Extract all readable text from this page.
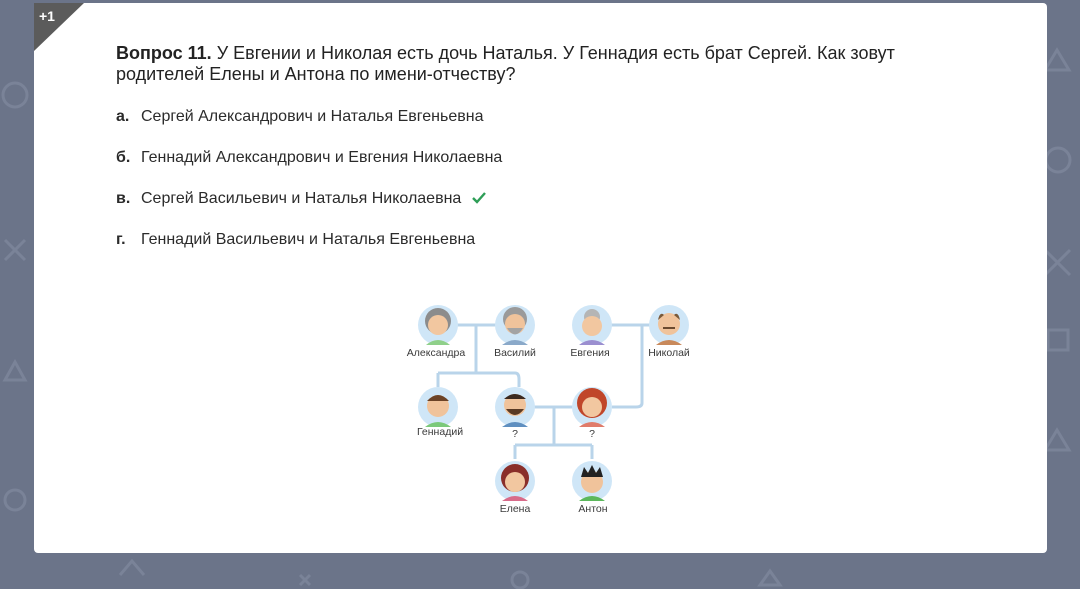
+1
Вопрос 11. У Евгении и Николая есть дочь Наталья. У Геннадия есть брат Сергей. Как зовут родителей Елены и Антона по имени-отчеству?
а. Сергей Александрович и Наталья Евгеньевна
б. Геннадий Александрович и Евгения Николаевна
в. Сергей Васильевич и Наталья Николаевна
г. Геннадий Васильевич и Наталья Евгеньевна
Александра	Василий	Евгения	Николай
Геннадий	?	?
Елена	Антон
